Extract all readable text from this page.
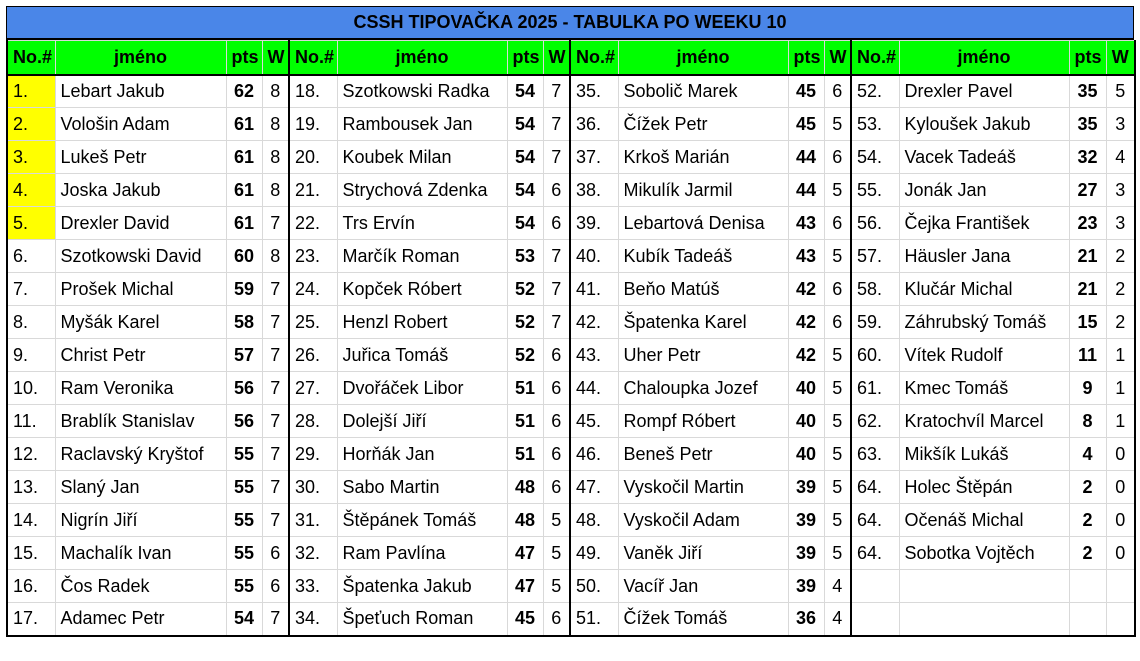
CSSH TIPOVAČKA 2025 - TABULKA PO WEEKU 10
No.#	jméno	pts	W	No.#	jméno	pts	W	No.#	jméno	pts	W	No.#	jméno	pts	W
1.	Lebart Jakub	62	8	18.	Szotkowski Radka	54	7	35.	Sobolič Marek	45	6	52.	Drexler Pavel	35	5
2.	Vološin Adam	61	8	19.	Rambousek Jan	54	7	36.	Čížek Petr	45	5	53.	Kyloušek Jakub	35	3
3.	Lukeš Petr	61	8	20.	Koubek Milan	54	7	37.	Krkoš Marián	44	6	54.	Vacek Tadeáš	32	4
4.	Joska Jakub	61	8	21.	Strychová Zdenka	54	6	38.	Mikulík Jarmil	44	5	55.	Jonák Jan	27	3
5.	Drexler David	61	7	22.	Trs Ervín	54	6	39.	Lebartová Denisa	43	6	56.	Čejka František	23	3
6.	Szotkowski David	60	8	23.	Marčík Roman	53	7	40.	Kubík Tadeáš	43	5	57.	Häusler Jana	21	2
7.	Prošek Michal	59	7	24.	Kopček Róbert	52	7	41.	Beňo Matúš	42	6	58.	Klučár Michal	21	2
8.	Myšák Karel	58	7	25.	Henzl Robert	52	7	42.	Špatenka Karel	42	6	59.	Záhrubský Tomáš	15	2
9.	Christ Petr	57	7	26.	Juřica Tomáš	52	6	43.	Uher Petr	42	5	60.	Vítek Rudolf	11	1
10.	Ram Veronika	56	7	27.	Dvořáček Libor	51	6	44.	Chaloupka Jozef	40	5	61.	Kmec Tomáš	9	1
11.	Brablík Stanislav	56	7	28.	Dolejší Jiří	51	6	45.	Rompf Róbert	40	5	62.	Kratochvíl Marcel	8	1
12.	Raclavský Kryštof	55	7	29.	Horňák Jan	51	6	46.	Beneš Petr	40	5	63.	Mikšík Lukáš	4	0
13.	Slaný Jan	55	7	30.	Sabo Martin	48	6	47.	Vyskočil Martin	39	5	64.	Holec Štěpán	2	0
14.	Nigrín Jiří	55	7	31.	Štěpánek Tomáš	48	5	48.	Vyskočil Adam	39	5	64.	Očenáš Michal	2	0
15.	Machalík Ivan	55	6	32.	Ram Pavlína	47	5	49.	Vaněk Jiří	39	5	64.	Sobotka Vojtěch	2	0
16.	Čos Radek	55	6	33.	Špatenka Jakub	47	5	50.	Vacíř Jan	39	4				
17.	Adamec Petr	54	7	34.	Špeťuch Roman	45	6	51.	Čížek Tomáš	36	4				
